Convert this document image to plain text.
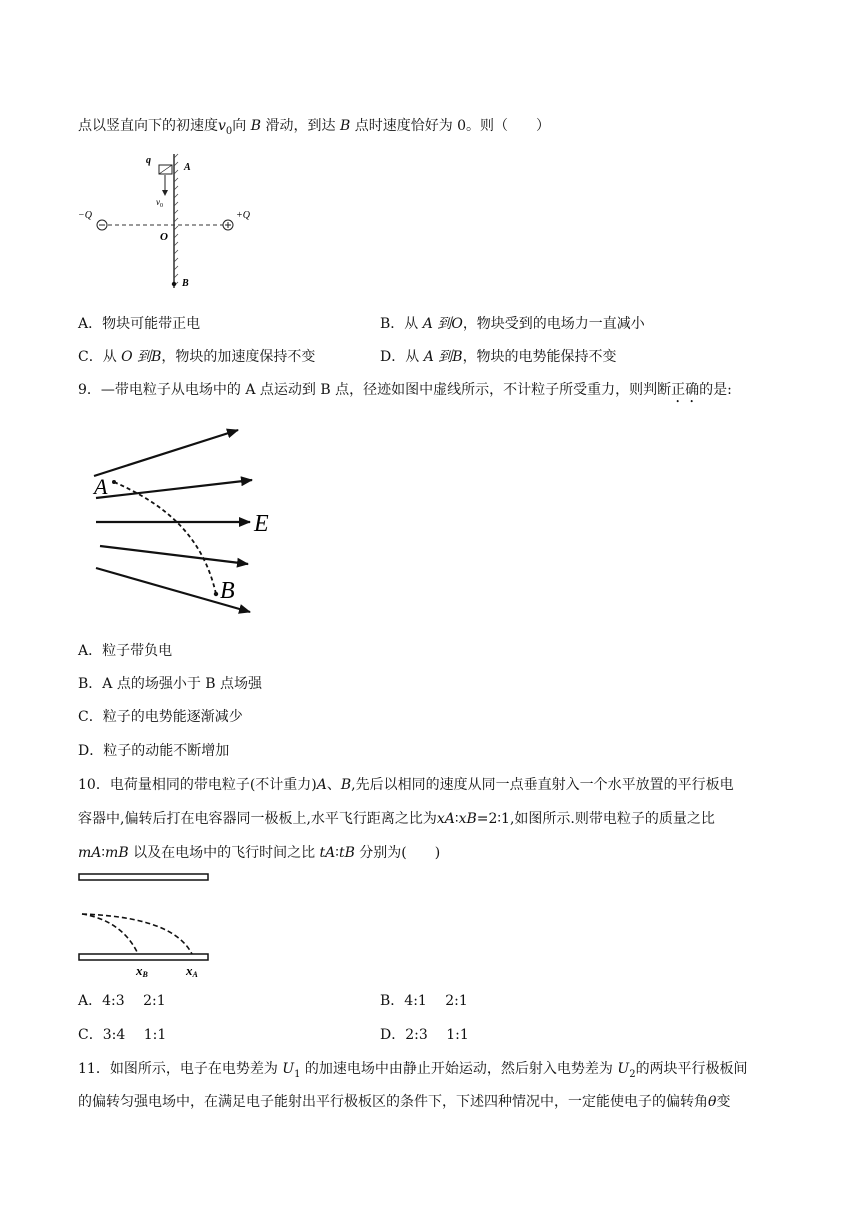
点以竖直向下的初速度$v_0$向 B 滑动，到达 B 点时速度恰好为 0。则（　　）
q
A
$v_0$
−Q	+Q
O
B
A．物块可能带正电	B．从 A 到O，物块受到的电场力一直减小
C．从 O 到B，物块的加速度保持不变	D．从 A 到B，物块的电势能保持不变
9．—带电粒子从电场中的 A 点运动到 B 点，径迹如图中虚线所示，不计粒子所受重力，则判断正确的是:
A
E
B
A．粒子带负电
B．A 点的场强小于 B 点场强
C．粒子的电势能逐渐减少
D．粒子的动能不断增加
10．电荷量相同的带电粒子(不计重力)A、B,先后以相同的速度从同一点垂直射入一个水平放置的平行板电
容器中,偏转后打在电容器同一极板上,水平飞行距离之比为xA∶xB=2∶1,如图所示.则带电粒子的质量之比
mA∶mB 以及在电场中的飞行时间之比 tA∶tB 分别为(　　)
xB	xA
A．4:3　 2:1	B．4:1　 2:1
C．3:4　 1:1	D．2:3　 1:1
11．如图所示，电子在电势差为 $U_1$ 的加速电场中由静止开始运动，然后射入电势差为 $U_2$的两块平行极板间
的偏转匀强电场中，在满足电子能射出平行极板区的条件下，下述四种情况中，一定能使电子的偏转角θ变
